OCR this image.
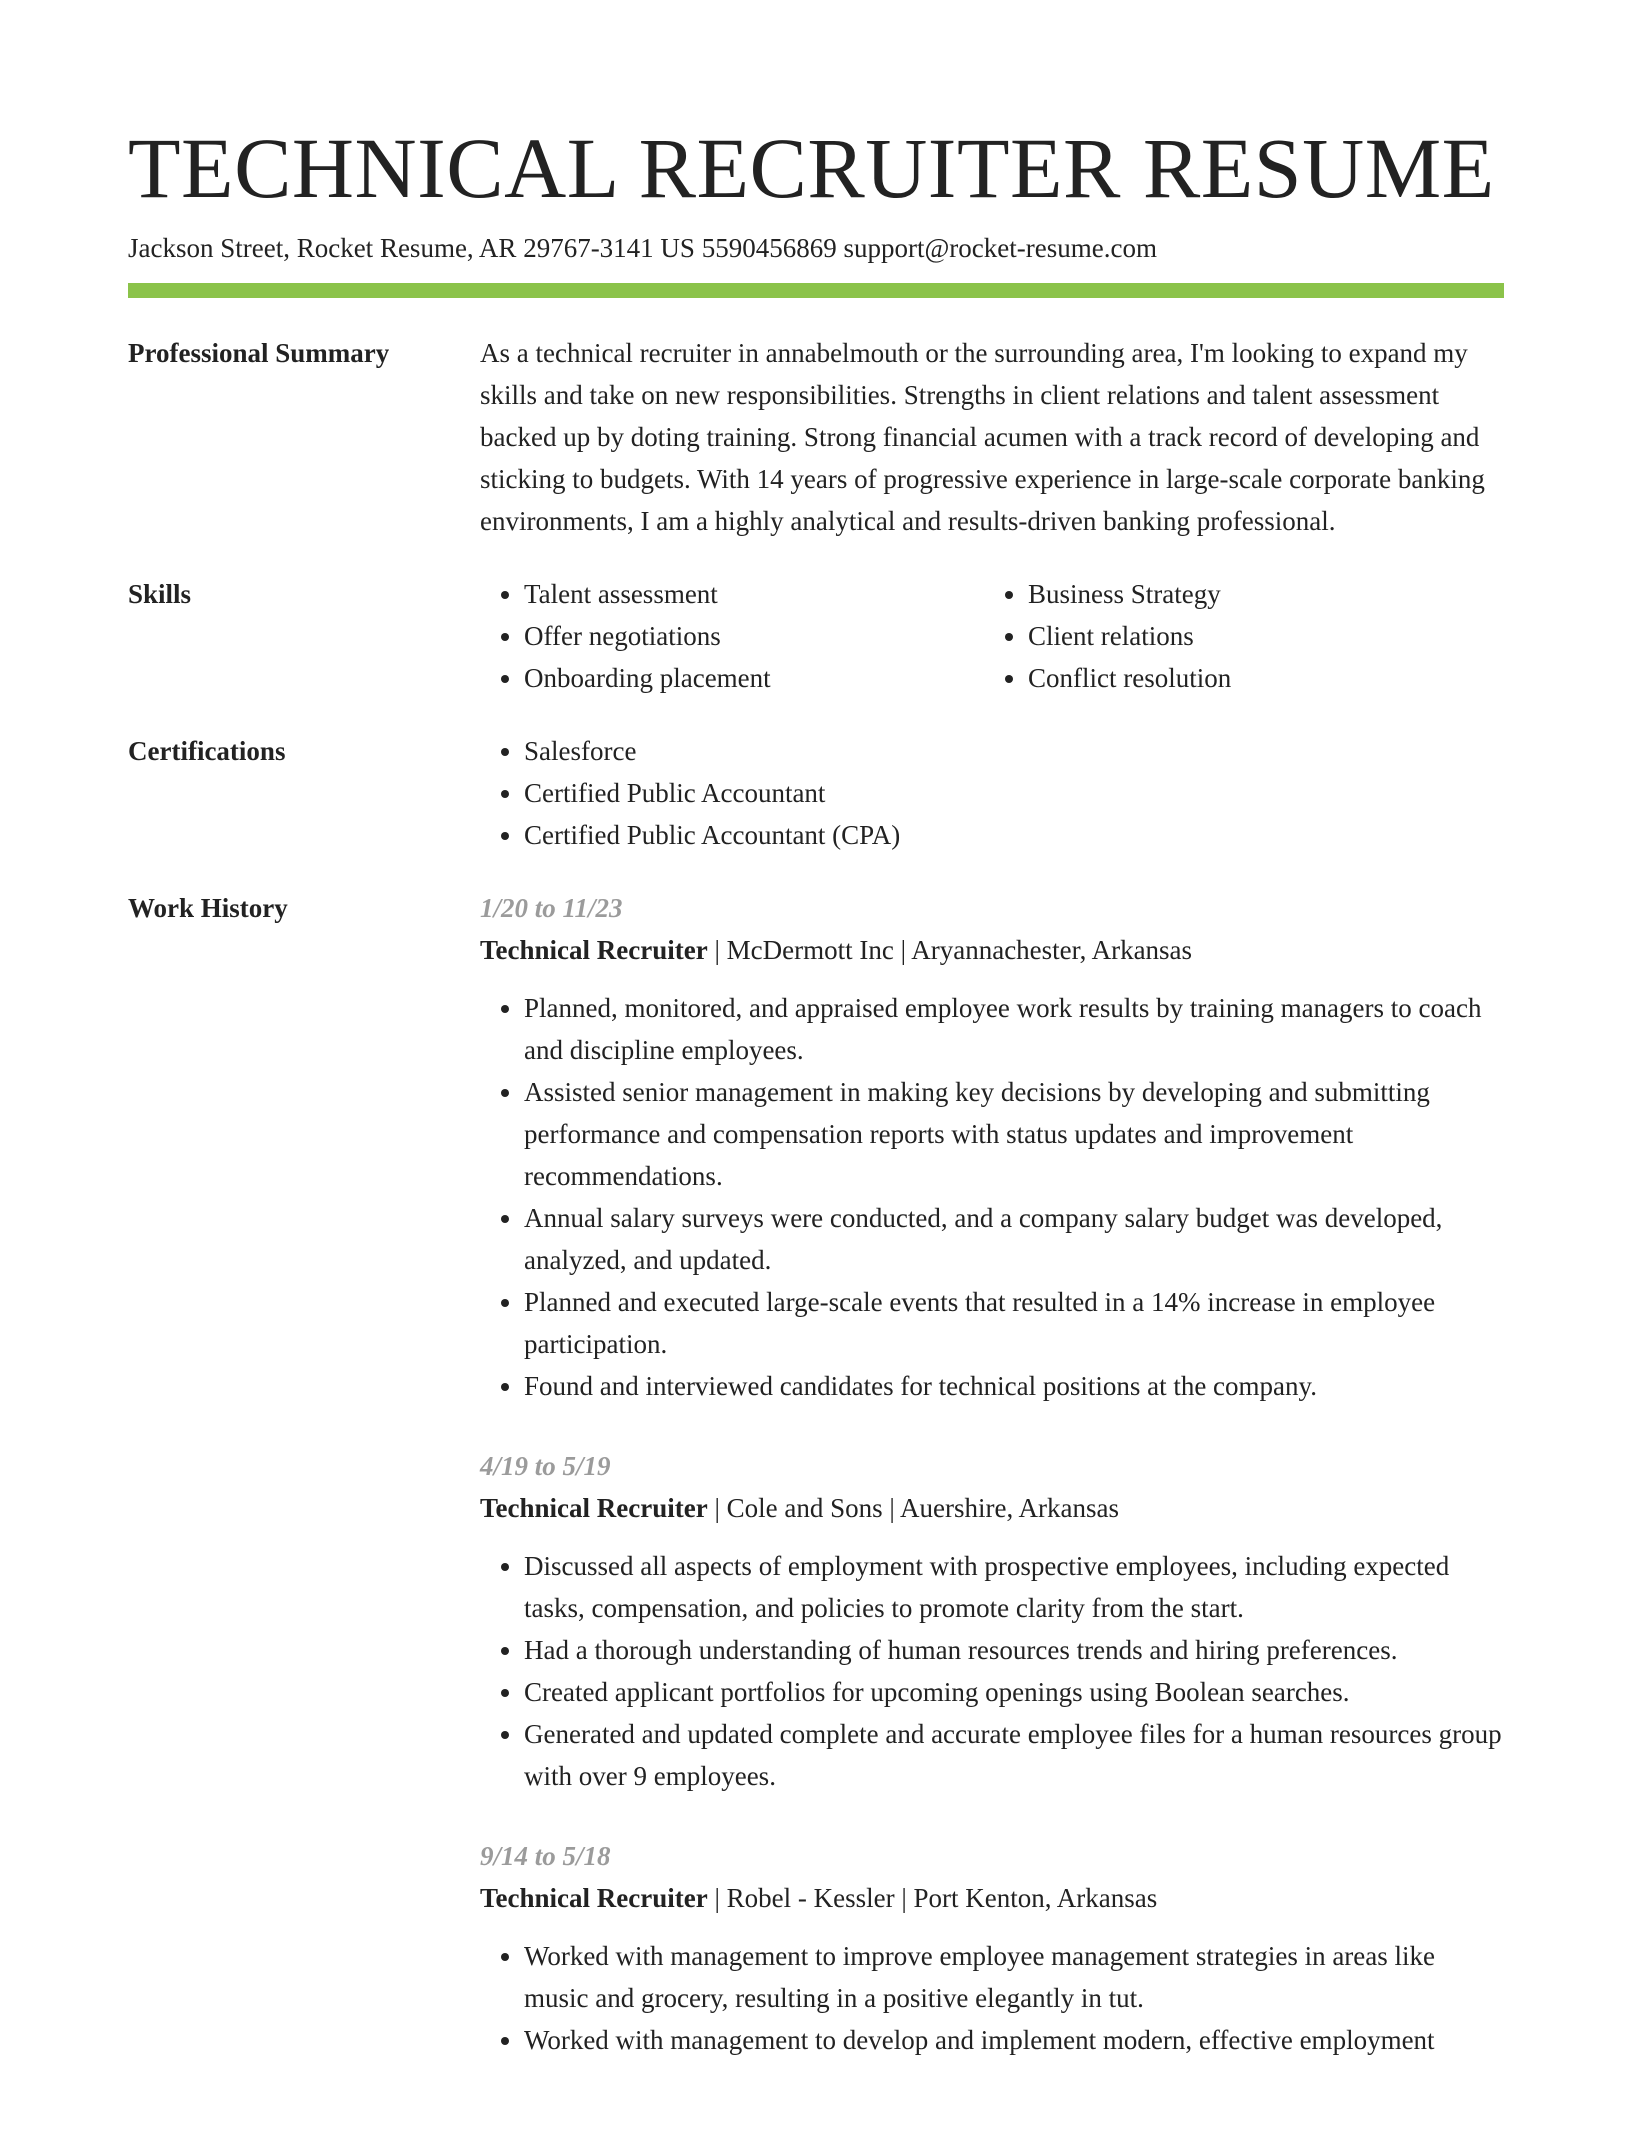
TECHNICAL RECRUITER RESUME
Jackson Street, Rocket Resume, AR 29767-3141 US 5590456869 support@rocket-resume.com
Professional Summary	As a technical recruiter in annabelmouth or the surrounding area, I'm looking to expand my skills and take on new responsibilities. Strengths in client relations and talent assessment backed up by doting training. Strong financial acumen with a track record of developing and sticking to budgets. With 14 years of progressive experience in large-scale corporate banking environments, I am a highly analytical and results-driven banking professional.

Skills	• Talent assessment
• Offer negotiations
• Onboarding placement
• Business Strategy
• Client relations
• Conflict resolution
Certifications	• Salesforce
• Certified Public Accountant
• Certified Public Accountant (CPA)
Work History	1/20 to 11/23
Technical Recruiter | McDermott Inc | Aryannachester, Arkansas
• Planned, monitored, and appraised employee work results by training managers to coach and discipline employees.
• Assisted senior management in making key decisions by developing and submitting performance and compensation reports with status updates and improvement recommendations.
• Annual salary surveys were conducted, and a company salary budget was developed, analyzed, and updated.
• Planned and executed large-scale events that resulted in a 14% increase in employee participation.
• Found and interviewed candidates for technical positions at the company.
4/19 to 5/19
Technical Recruiter | Cole and Sons | Auershire, Arkansas
• Discussed all aspects of employment with prospective employees, including expected tasks, compensation, and policies to promote clarity from the start.
• Had a thorough understanding of human resources trends and hiring preferences.
• Created applicant portfolios for upcoming openings using Boolean searches.
• Generated and updated complete and accurate employee files for a human resources group with over 9 employees.
9/14 to 5/18
Technical Recruiter | Robel - Kessler | Port Kenton, Arkansas
• Worked with management to improve employee management strategies in areas like music and grocery, resulting in a positive elegantly in tut.
• Worked with management to develop and implement modern, effective employment
